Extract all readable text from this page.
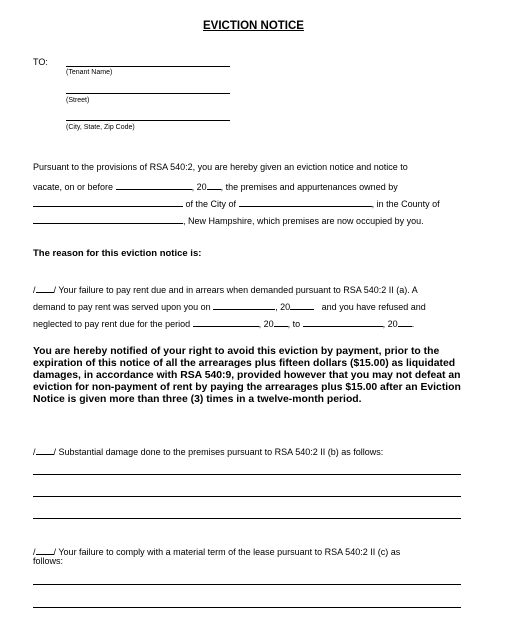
EVICTION NOTICE
TO:
(Tenant Name)
(Street)
(City, State, Zip Code)
Pursuant to the provisions of RSA 540:2, you are hereby given an eviction notice and notice to
vacate, on or before	, 20 , the premises and appurtenances owned by
of the City of	, in the County of
, New Hampshire, which premises are now occupied by you.
The reason for this eviction notice is:
/ / Your failure to pay rent due and in arrears when demanded pursuant to RSA 540:2 II (a). A
demand to pay rent was served upon you on	, 20	and you have refused and
neglected to pay rent due for the period	, 20 , to	, 20 .
You are hereby notified of your right to avoid this eviction by payment, prior to the expiration of this notice of all the arrearages plus fifteen dollars ($15.00) as liquidated damages, in accordance with RSA 540:9, provided however that you may not defeat an eviction for non-payment of rent by paying the arrearages plus $15.00 after an Eviction Notice is given more than three (3) times in a twelve-month period.
/ / Substantial damage done to the premises pursuant to RSA 540:2 II (b) as follows:
/ / Your failure to comply with a material term of the lease pursuant to RSA 540:2 II (c) as
follows:
